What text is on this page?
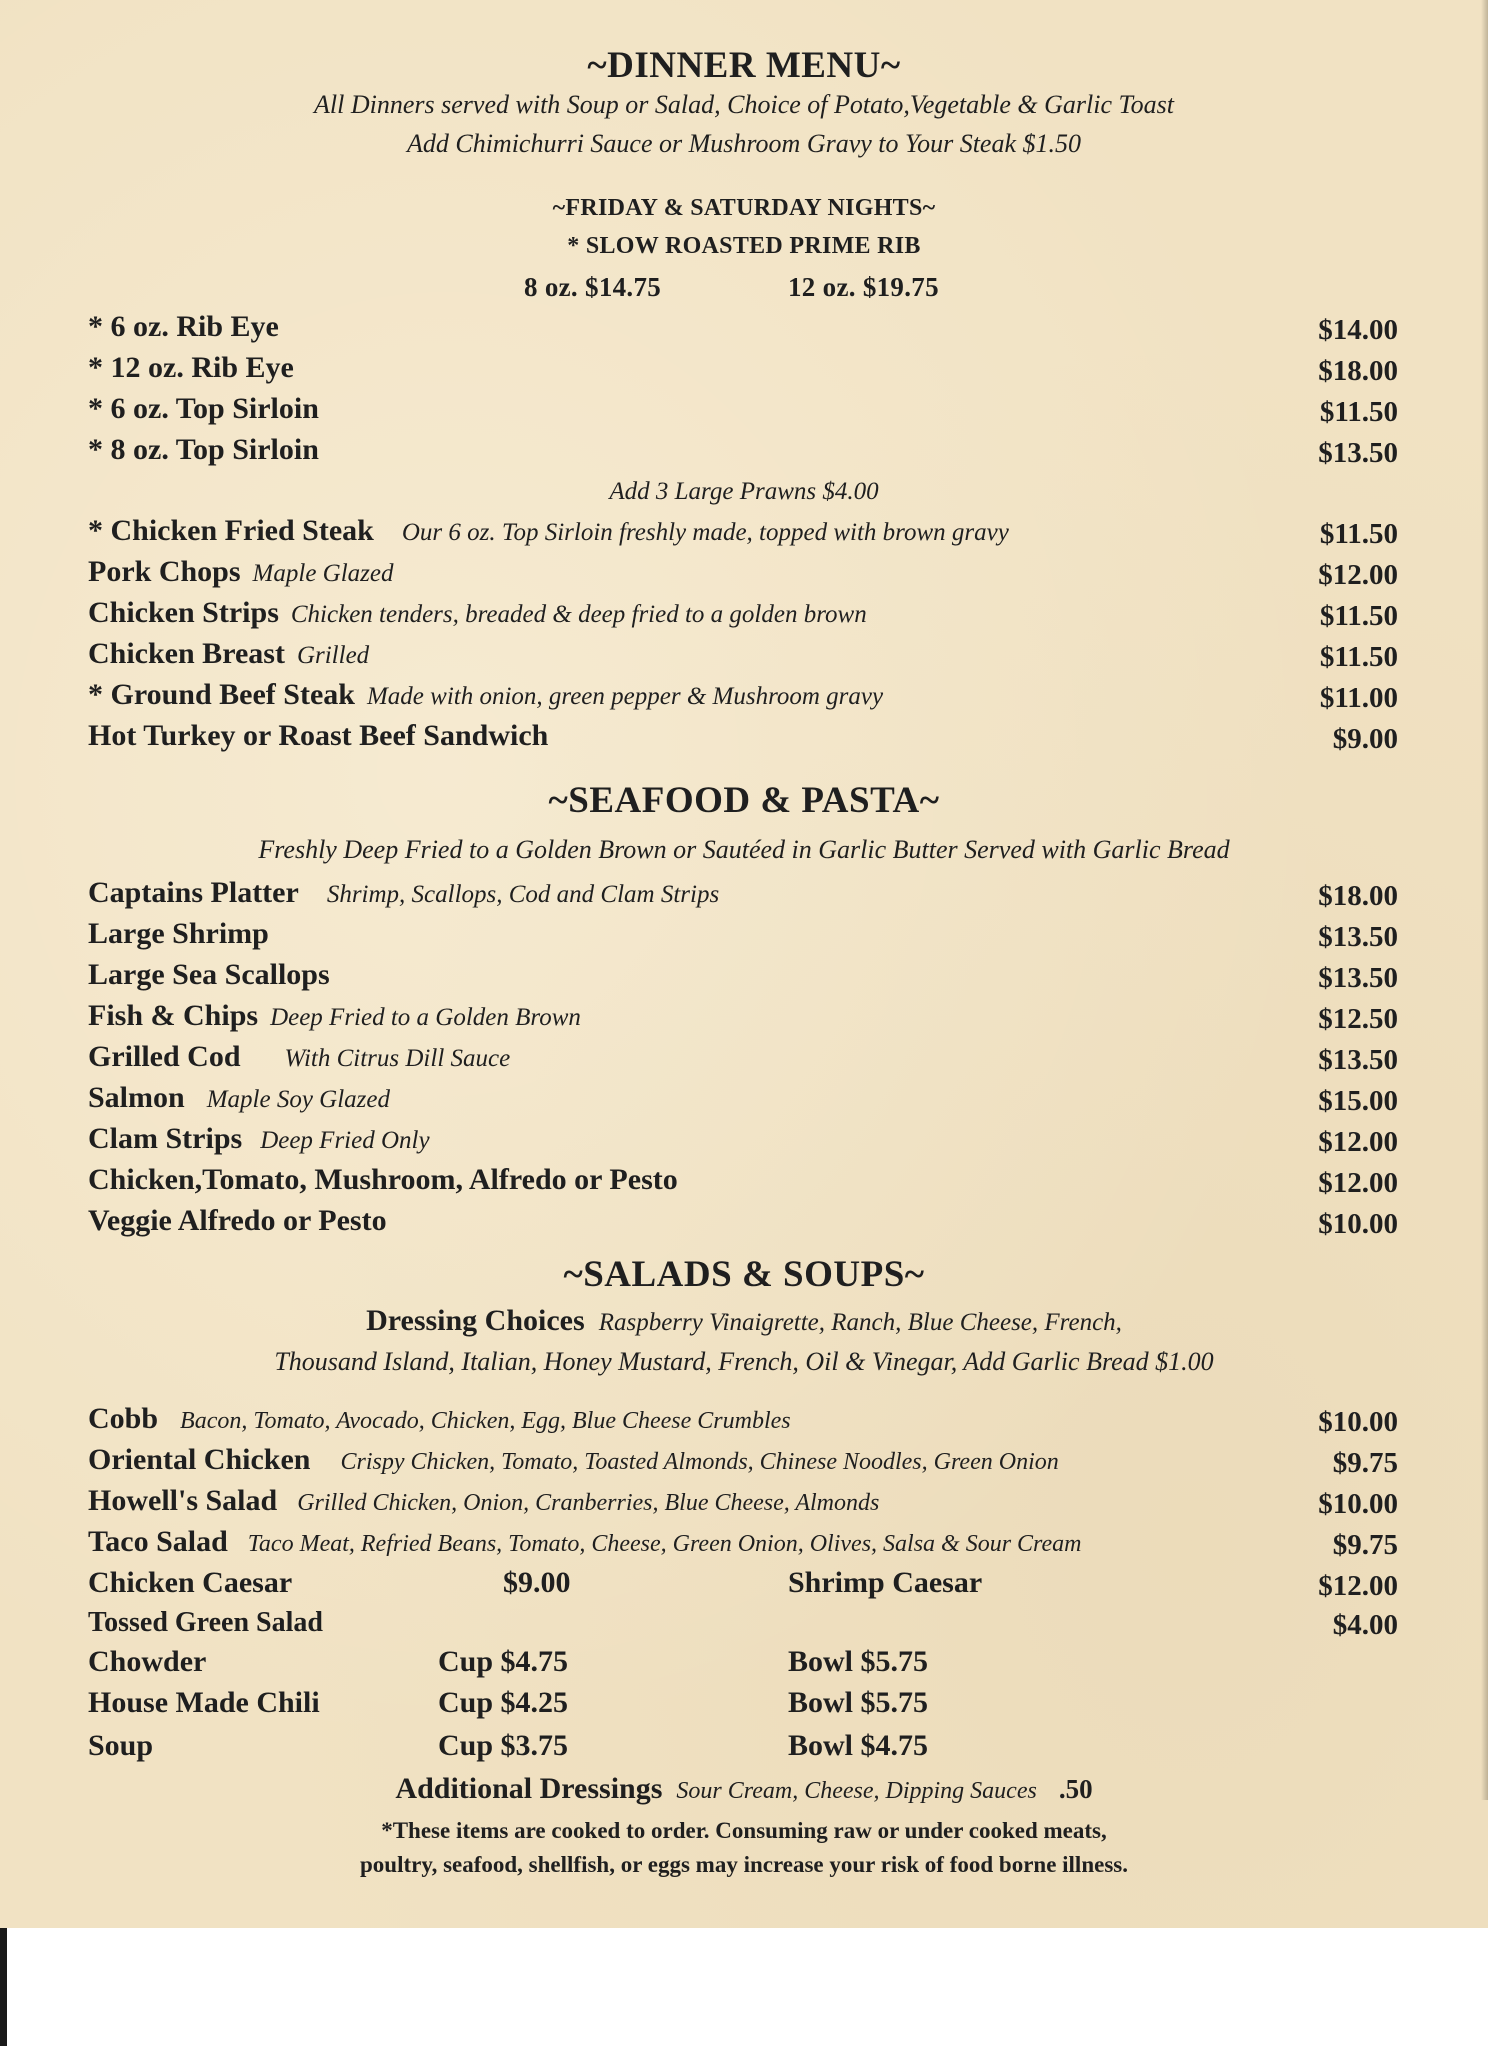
~DINNER MENU~
All Dinners served with Soup or Salad, Choice of Potato,Vegetable & Garlic Toast
Add Chimichurri Sauce or Mushroom Gravy to Your Steak $1.50
~FRIDAY & SATURDAY NIGHTS~
* SLOW ROASTED PRIME RIB
8 oz. $14.75	12 oz. $19.75
* 6 oz. Rib Eye	$14.00
* 12 oz. Rib Eye	$18.00
* 6 oz. Top Sirloin	$11.50
* 8 oz. Top Sirloin	$13.50
Add 3 Large Prawns $4.00
* Chicken Fried Steak Our 6 oz. Top Sirloin freshly made, topped with brown gravy	$11.50
Pork Chops Maple Glazed	$12.00
Chicken Strips Chicken tenders, breaded & deep fried to a golden brown	$11.50
Chicken Breast Grilled	$11.50
* Ground Beef Steak Made with onion, green pepper & Mushroom gravy	$11.00
Hot Turkey or Roast Beef Sandwich	$9.00
~SEAFOOD & PASTA~
Freshly Deep Fried to a Golden Brown or Sautéed in Garlic Butter Served with Garlic Bread
Captains Platter Shrimp, Scallops, Cod and Clam Strips	$18.00
Large Shrimp	$13.50
Large Sea Scallops	$13.50
Fish & Chips Deep Fried to a Golden Brown	$12.50
Grilled Cod With Citrus Dill Sauce	$13.50
Salmon Maple Soy Glazed	$15.00
Clam Strips Deep Fried Only	$12.00
Chicken,Tomato, Mushroom, Alfredo or Pesto	$12.00
Veggie Alfredo or Pesto	$10.00
~SALADS & SOUPS~
Dressing Choices Raspberry Vinaigrette, Ranch, Blue Cheese, French,
Thousand Island, Italian, Honey Mustard, French, Oil & Vinegar, Add Garlic Bread $1.00
Cobb Bacon, Tomato, Avocado, Chicken, Egg, Blue Cheese Crumbles	$10.00
Oriental Chicken Crispy Chicken, Tomato, Toasted Almonds, Chinese Noodles, Green Onion	$9.75
Howell's Salad Grilled Chicken, Onion, Cranberries, Blue Cheese, Almonds	$10.00
Taco Salad Taco Meat, Refried Beans, Tomato, Cheese, Green Onion, Olives, Salsa & Sour Cream	$9.75
Chicken Caesar	$9.00	Shrimp Caesar	$12.00
Tossed Green Salad	$4.00
Chowder	Cup $4.75	Bowl $5.75
House Made Chili	Cup $4.25	Bowl $5.75
Soup	Cup $3.75	Bowl $4.75
Additional Dressings Sour Cream, Cheese, Dipping Sauces .50
*These items are cooked to order. Consuming raw or under cooked meats,
poultry, seafood, shellfish, or eggs may increase your risk of food borne illness.
